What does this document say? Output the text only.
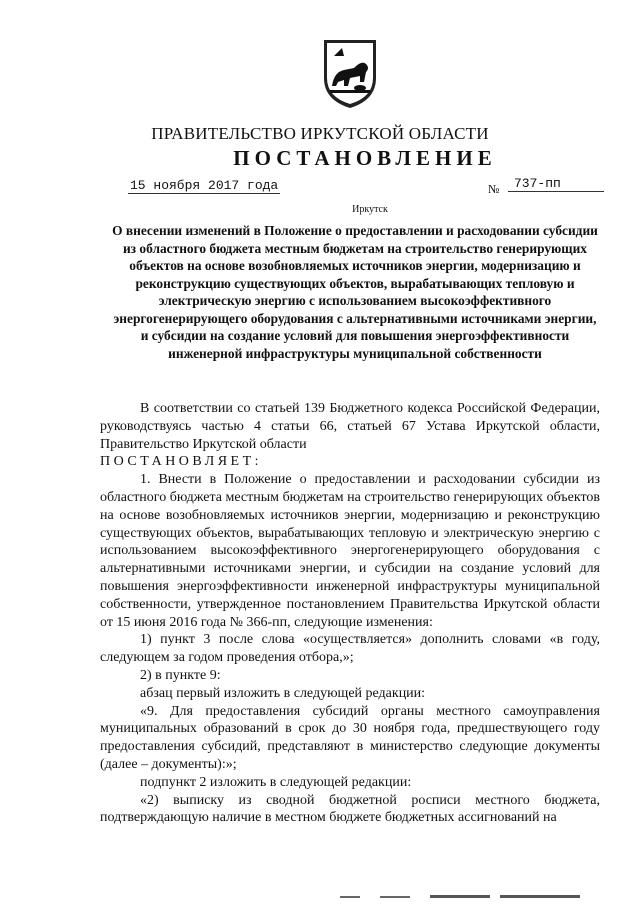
ПРАВИТЕЛЬСТВО ИРКУТСКОЙ ОБЛАСТИ
ПОСТАНОВЛЕНИЕ
15 ноября 2017 года	№	737-пп
Иркутск
О внесении изменений в Положение о предоставлении и расходовании субсидии из областного бюджета местным бюджетам на строительство генерирующих объектов на основе возобновляемых источников энергии, модернизацию и реконструкцию существующих объектов, вырабатывающих тепловую и электрическую энергию с использованием высокоэффективного энергогенерирующего оборудования с альтернативными источниками энергии, и субсидии на создание условий для повышения энергоэффективности инженерной инфраструктуры муниципальной собственности

В соответствии со статьей 139 Бюджетного кодекса Российской Федерации, руководствуясь частью 4 статьи 66, статьей 67 Устава Иркутской области, Правительство Иркутской области

ПОСТАНОВЛЯЕТ:

1. Внести в Положение о предоставлении и расходовании субсидии из областного бюджета местным бюджетам на строительство генерирующих объектов на основе возобновляемых источников энергии, модернизацию и реконструкцию существующих объектов, вырабатывающих тепловую и электрическую энергию с использованием высокоэффективного энергогенерирующего оборудования с альтернативными источниками энергии, и субсидии на создание условий для повышения энергоэффективности инженерной инфраструктуры муниципальной собственности, утвержденное постановлением Правительства Иркутской области от 15 июня 2016 года № 366-пп, следующие изменения:

1) пункт 3 после слова «осуществляется» дополнить словами «в году, следующем за годом проведения отбора,»;

2) в пункте 9:

абзац первый изложить в следующей редакции:

«9. Для предоставления субсидий органы местного самоуправления муниципальных образований в срок до 30 ноября года, предшествующего году предоставления субсидий, представляют в министерство следующие документы (далее – документы):»;

подпункт 2 изложить в следующей редакции:

«2) выписку из сводной бюджетной росписи местного бюджета, подтверждающую наличие в местном бюджете бюджетных ассигнований на
